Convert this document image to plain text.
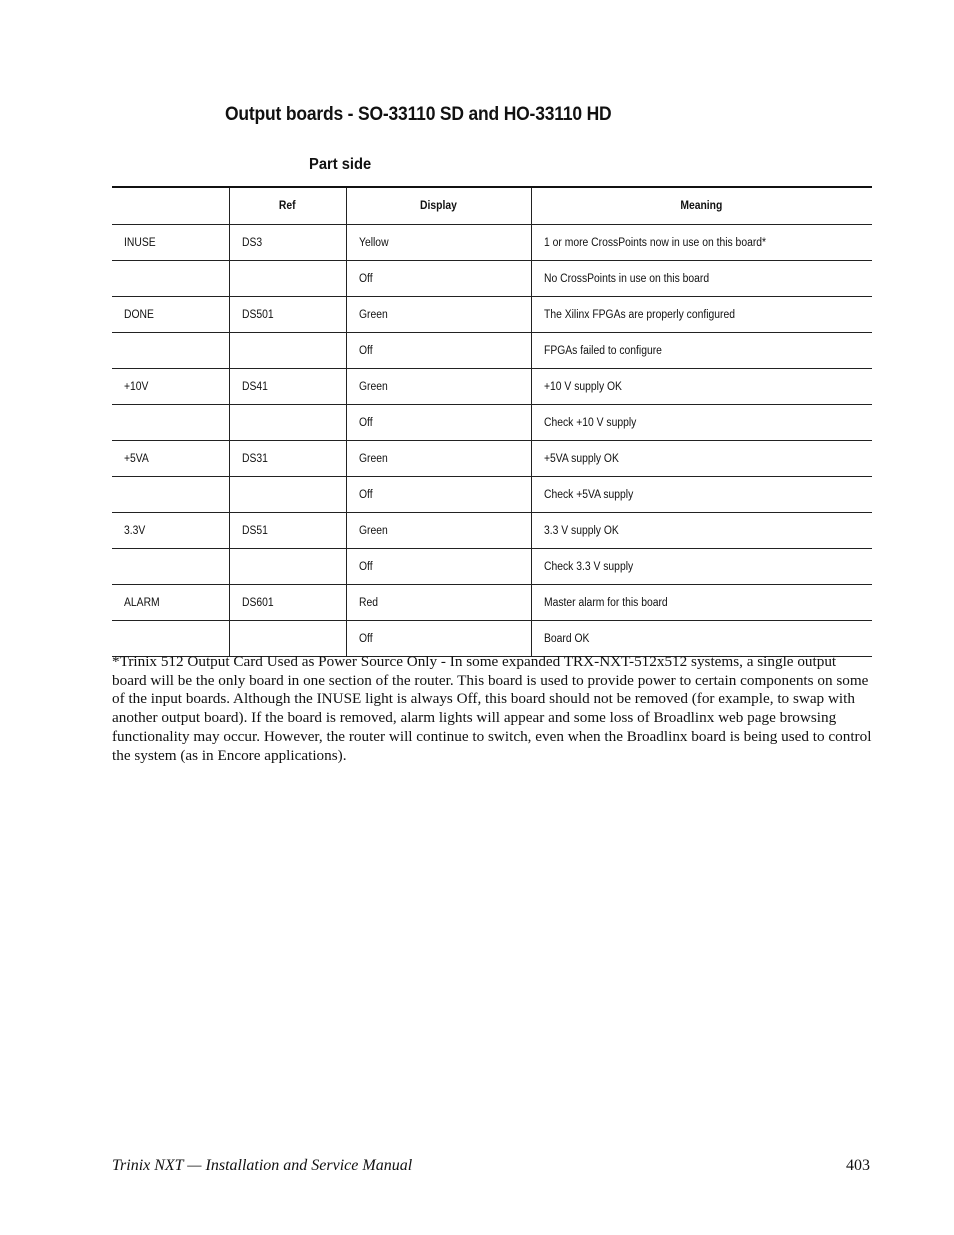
Output boards - SO-33110 SD and HO-33110 HD
Part side
	Ref	Display	Meaning
INUSE	DS3	Yellow	1 or more CrossPoints now in use on this board*
		Off	No CrossPoints in use on this board
DONE	DS501	Green	The Xilinx FPGAs are properly configured
		Off	FPGAs failed to configure
+10V	DS41	Green	+10 V supply OK
		Off	Check +10 V supply
+5VA	DS31	Green	+5VA supply OK
		Off	Check +5VA supply
3.3V	DS51	Green	3.3 V supply OK
		Off	Check 3.3 V supply
ALARM	DS601	Red	Master alarm for this board
		Off	Board OK

*Trinix 512 Output Card Used as Power Source Only - In some expanded TRX-NXT-512x512 systems, a single output board will be the only board in one section of the router. This board is used to provide power to certain components on some of the input boards. Although the INUSE light is always Off, this board should not be removed (for example, to swap with another output board). If the board is removed, alarm lights will appear and some loss of Broadlinx web page browsing functionality may occur. However, the router will continue to switch, even when the Broadlinx board is being used to control the system (as in Encore applications).

Trinix NXT — Installation and Service Manual	403
